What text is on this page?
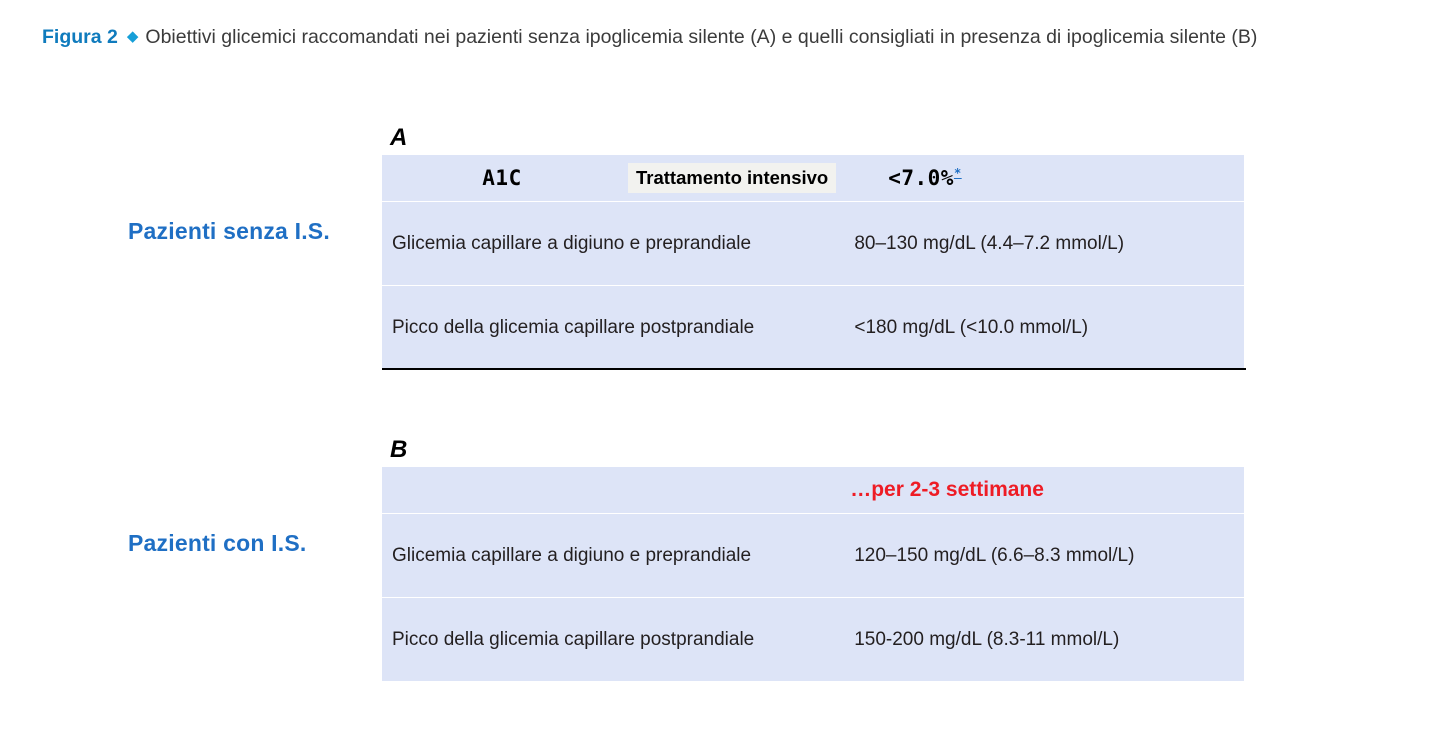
Figura 2 ◆ Obiettivi glicemici raccomandati nei pazienti senza ipoglicemia silente (A) e quelli consigliati in presenza di ipoglicemia silente (B)
A
Pazienti senza I.S.
A1C Trattamento intensivo <7.0%*

Glicemia capillare a digiuno e preprandiale	80–130 mg/dL (4.4–7.2 mmol/L)

Picco della glicemia capillare postprandiale	<180 mg/dL (<10.0 mmol/L)
B
Pazienti con I.S.
	…per 2-3 settimane

Glicemia capillare a digiuno e preprandiale	120–150 mg/dL (6.6–8.3 mmol/L)

Picco della glicemia capillare postprandiale	150-200 mg/dL (8.3-11 mmol/L)
